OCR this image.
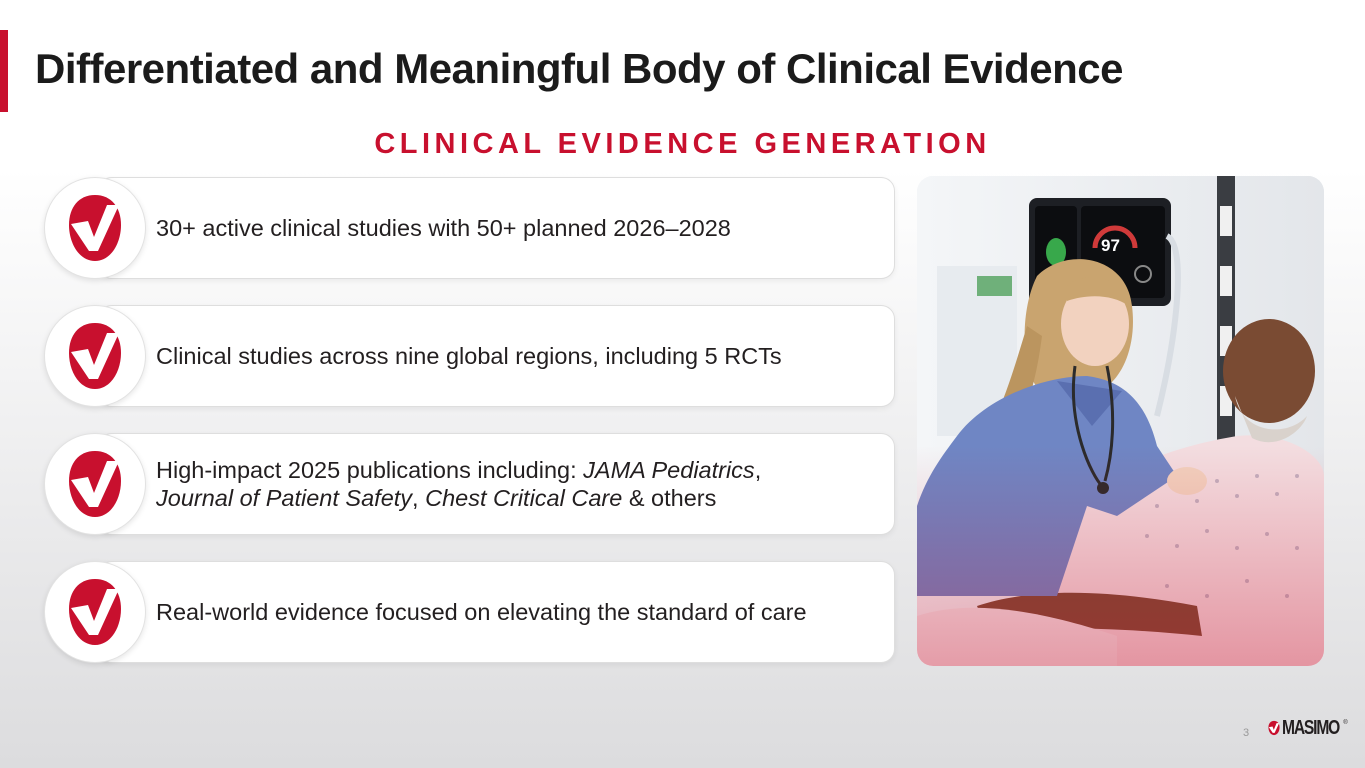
Differentiated and Meaningful Body of Clinical Evidence
CLINICAL EVIDENCE GENERATION
30+ active clinical studies with 50+ planned 2026–2028
Clinical studies across nine global regions, including 5 RCTs
High-impact 2025 publications including: JAMA Pediatrics,
Journal of Patient Safety, Chest Critical Care & others
Real-world evidence focused on elevating the standard of care
3 MASIMO ®
